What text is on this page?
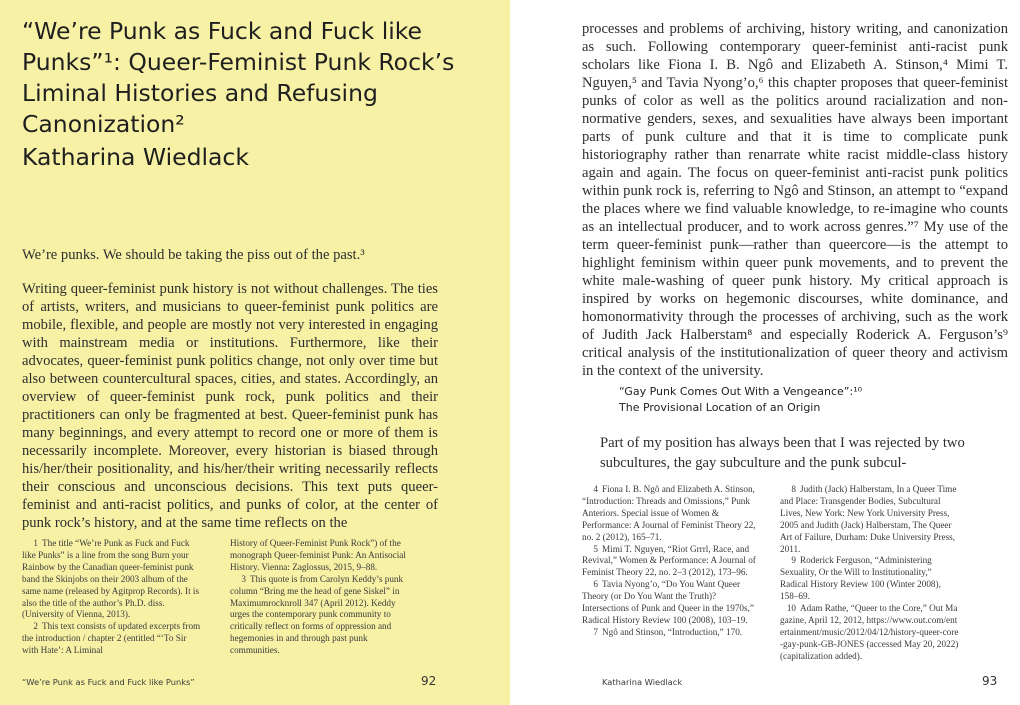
“We’re Punk as Fuck and Fuck like Punks”¹: Queer-Feminist Punk Rock’s Liminal Histories and Refusing Canonization²
Katharina Wiedlack

We’re punks. We should be taking the piss out of the past.³

Writing queer-feminist punk history is not without challenges. The ties of artists, writers, and musicians to queer-feminist punk politics are mobile, flexible, and people are mostly not very interested in engaging with mainstream media or institutions. Furthermore, like their advocates, queer-feminist punk politics change, not only over time but also between countercultural spaces, cities, and states. Accordingly, an overview of queer-feminist punk rock, punk politics and their practitioners can only be fragmented at best. Queer-feminist punk has many beginnings, and every attempt to record one or more of them is necessarily incomplete. Moreover, every historian is biased through his/her/their positionality, and his/her/their writing necessarily reflects their conscious and unconscious decisions. This text puts queer-feminist and anti-racist politics, and punks of color, at the center of punk rock’s history, and at the same time reflects on the

1 The title “We’re Punk as Fuck and Fuck like Punks” is a line from the song Burn your Rainbow by the Canadian queer-feminist punk band the Skinjobs on their 2003 album of the same name (released by Agitprop Records). It is also the title of the author’s Ph.D. diss. (University of Vienna, 2013).

2 This text consists of updated excerpts from the introduction / chapter 2 (entitled “‘To Sir with Hate’: A Liminal

History of Queer-Feminist Punk Rock”) of the monograph Queer-feminist Punk: An Antisocial History. Vienna: Zaglossus, 2015, 9–88.

3 This quote is from Carolyn Keddy’s punk column “Bring me the head of gene Siskel” in Maximumrocknroll 347 (April 2012). Keddy urges the contemporary punk community to critically reflect on forms of oppression and hegemonies in and through past punk communities.

“We’re Punk as Fuck and Fuck like Punks”	92

processes and problems of archiving, history writing, and canonization as such. Following contemporary queer-feminist anti-racist punk scholars like Fiona I. B. Ngô and Elizabeth A. Stinson,⁴ Mimi T. Nguyen,⁵ and Tavia Nyong’o,⁶ this chapter proposes that queer-feminist punks of color as well as the politics around racialization and non-normative genders, sexes, and sexualities have always been important parts of punk culture and that it is time to complicate punk historiography rather than renarrate white racist middle-class history again and again. The focus on queer-feminist anti-racist punk politics within punk rock is, referring to Ngô and Stinson, an attempt to “expand the places where we find valuable knowledge, to re-imagine who counts as an intellectual producer, and to work across genres.”⁷ My use of the term queer-feminist punk—rather than queercore—is the attempt to highlight feminism within queer punk movements, and to prevent the white male-washing of queer punk history. My critical approach is inspired by works on hegemonic discourses, white dominance, and homonormativity through the processes of archiving, such as the work of Judith Jack Halberstam⁸ and especially Roderick A. Ferguson’s⁹ critical analysis of the institutionalization of queer theory and activism in the context of the university.

“Gay Punk Comes Out With a Vengeance”:¹⁰
The Provisional Location of an Origin

Part of my position has always been that I was rejected by two subcultures, the gay subculture and the punk subcul-

4 Fiona I. B. Ngô and Elizabeth A. Stinson, “Introduction: Threads and Omissions,” Punk Anteriors. Special issue of Women & Performance: A Journal of Feminist Theory 22, no. 2 (2012), 165–71.

5 Mimi T. Nguyen, “Riot Grrrl, Race, and Revival,” Women & Performance: A Journal of Feminist Theory 22, no. 2–3 (2012), 173–96.

6 Tavia Nyong’o, “Do You Want Queer Theory (or Do You Want the Truth)? Intersections of Punk and Queer in the 1970s,” Radical History Review 100 (2008), 103–19.

7 Ngô and Stinson, “Introduction,” 170.

8 Judith (Jack) Halberstam, In a Queer Time and Place: Transgender Bodies, Subcultural Lives, New York: New York University Press, 2005 and Judith (Jack) Halberstam, The Queer Art of Failure, Durham: Duke University Press, 2011.

9 Roderick Ferguson, “Administering Sexuality, Or the Will to Institutionality,” Radical History Review 100 (Winter 2008), 158–69.

10 Adam Rathe, “Queer to the Core,” Out Magazine, April 12, 2012, https://www.out.com/entertainment/music/2012/04/12/history-queer-core-gay-punk-GB-JONES (accessed May 20, 2022) (capitalization added).

Katharina Wiedlack	93
